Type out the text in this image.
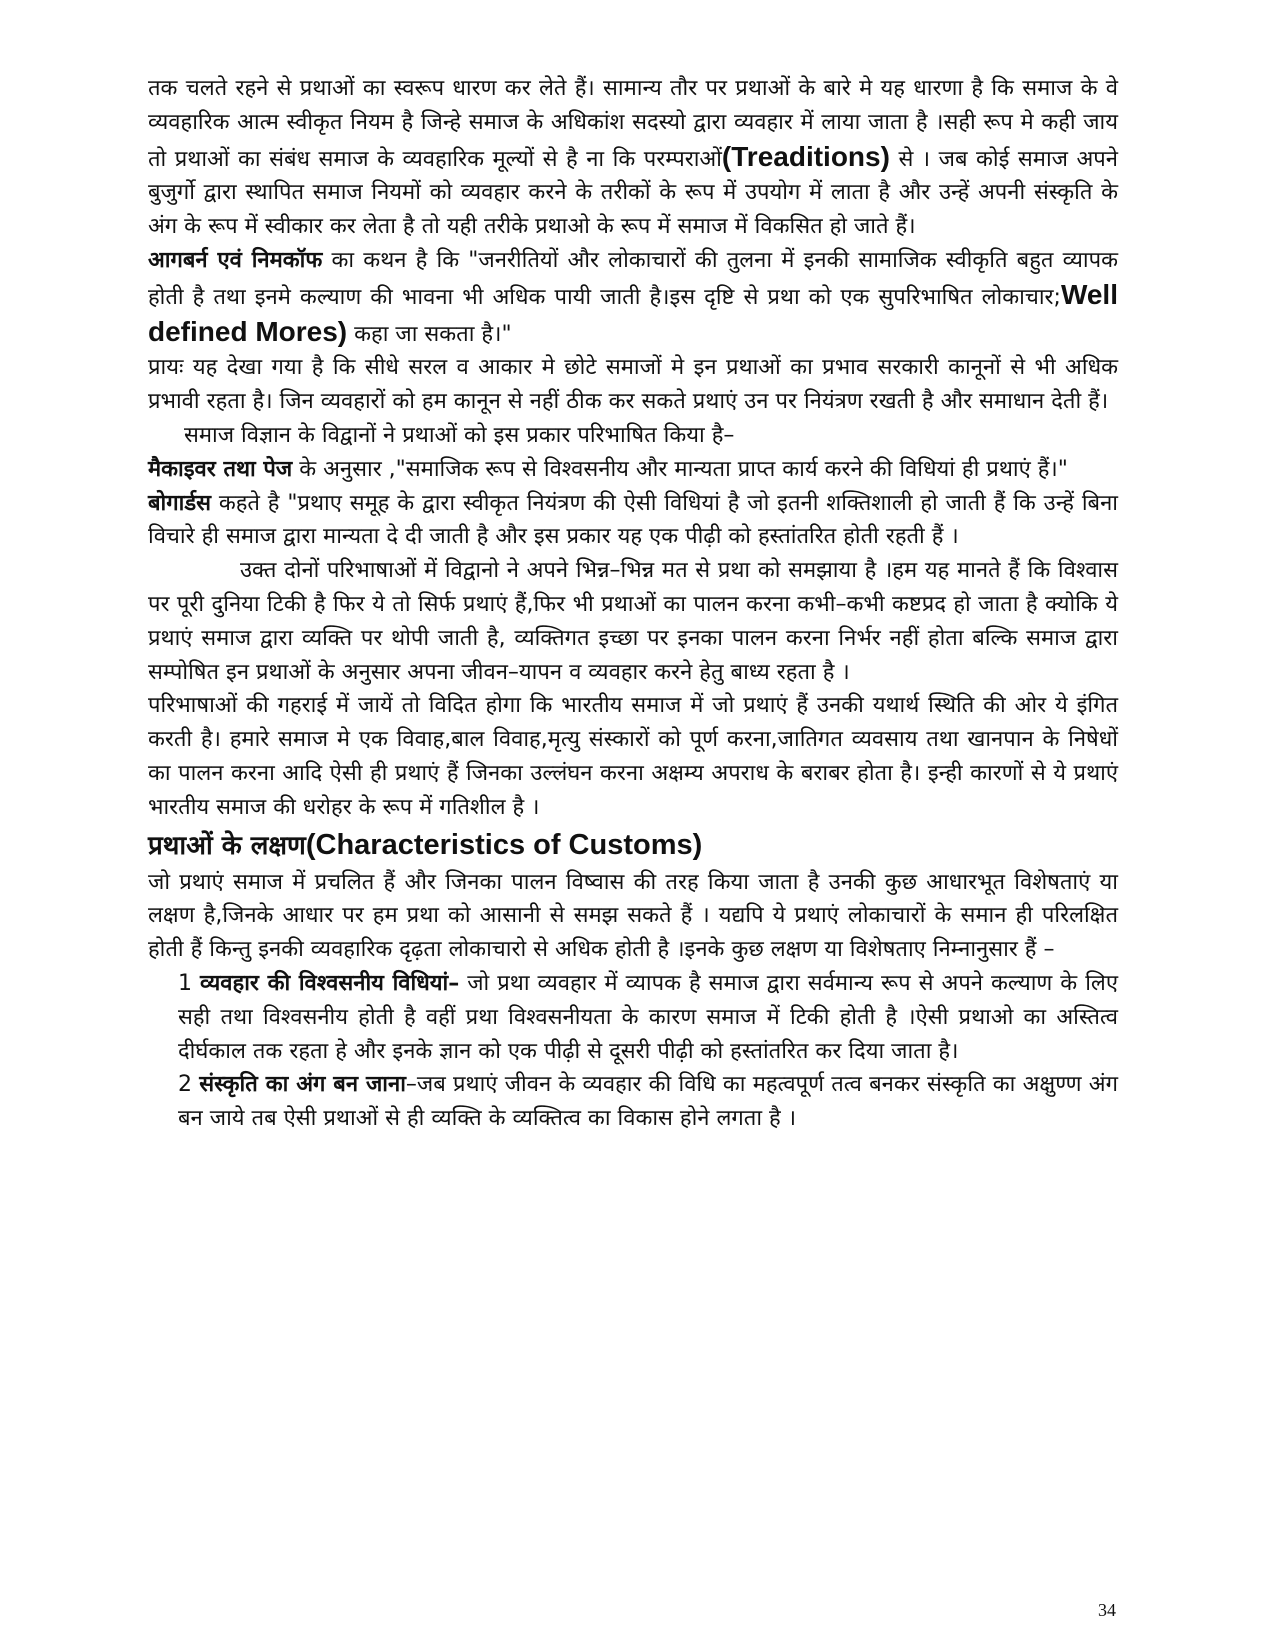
तक चलते रहने से प्रथाओं का स्वरूप धारण कर लेते हैं। सामान्य तौर पर प्रथाओं के बारे मे यह धारणा है कि समाज के वे व्यवहारिक आत्म स्वीकृत नियम है जिन्हे समाज के अधिकांश सदस्यो द्वारा व्यवहार में लाया जाता है ।सही रूप मे कही जाय तो प्रथाओं का संबंध समाज के व्यवहारिक मूल्यों से है ना कि परम्पराओं(Treaditions) से । जब कोई समाज अपने बुजुर्गो द्वारा स्थापित समाज नियमों को व्यवहार करने के तरीकों के रूप में उपयोग में लाता है और उन्हें अपनी संस्कृति के अंग के रूप में स्वीकार कर लेता है तो यही तरीके प्रथाओ के रूप में समाज में विकसित हो जाते हैं।

आगबर्न एवं निमकॉफ का कथन है कि "जनरीतियों और लोकाचारों की तुलना में इनकी सामाजिक स्वीकृति बहुत व्यापक होती है तथा इनमे कल्याण की भावना भी अधिक पायी जाती है।इस दृष्टि से प्रथा को एक सुपरिभाषित लोकाचार;Well defined Mores) कहा जा सकता है।"

प्रायः यह देखा गया है कि सीधे सरल व आकार मे छोटे समाजों मे इन प्रथाओं का प्रभाव सरकारी कानूनों से भी अधिक प्रभावी रहता है। जिन व्यवहारों को हम कानून से नहीं ठीक कर सकते प्रथाएं उन पर नियंत्रण रखती है और समाधान देती हैं।

समाज विज्ञान के विद्वानों ने प्रथाओं को इस प्रकार परिभाषित किया है–

मैकाइवर तथा पेज के अनुसार ,"समाजिक रूप से विश्वसनीय और मान्यता प्राप्त कार्य करने की विधियां ही प्रथाएं हैं।"

बोगार्डस कहते है "प्रथाए समूह के द्वारा स्वीकृत नियंत्रण की ऐसी विधियां है जो इतनी शक्तिशाली हो जाती हैं कि उन्हें बिना विचारे ही समाज द्वारा मान्यता दे दी जाती है और इस प्रकार यह एक पीढ़ी को हस्तांतरित होती रहती हैं ।

उक्त दोनों परिभाषाओं में विद्वानो ने अपने भिन्न–भिन्न मत से प्रथा को समझाया है ।हम यह मानते हैं कि विश्वास पर पूरी दुनिया टिकी है फिर ये तो सिर्फ प्रथाएं हैं,फिर भी प्रथाओं का पालन करना कभी–कभी कष्टप्रद हो जाता है क्योकि ये प्रथाएं समाज द्वारा व्यक्ति पर थोपी जाती है, व्यक्तिगत इच्छा पर इनका पालन करना निर्भर नहीं होता बल्कि समाज द्वारा सम्पोषित इन प्रथाओं के अनुसार अपना जीवन–यापन व व्यवहार करने हेतु बाध्य रहता है ।

परिभाषाओं की गहराई में जायें तो विदित होगा कि भारतीय समाज में जो प्रथाएं हैं उनकी यथार्थ स्थिति की ओर ये इंगित करती है। हमारे समाज मे एक विवाह,बाल विवाह,मृत्यु संस्कारों को पूर्ण करना,जातिगत व्यवसाय तथा खानपान के निषेधों का पालन करना आदि ऐसी ही प्रथाएं हैं जिनका उल्लंघन करना अक्षम्य अपराध के बराबर होता है। इन्ही कारणों से ये प्रथाएं भारतीय समाज की धरोहर के रूप में गतिशील है ।

प्रथाओं के लक्षण(Characteristics of Customs)

जो प्रथाएं समाज में प्रचलित हैं और जिनका पालन विष्वास की तरह किया जाता है उनकी कुछ आधारभूत विशेषताएं या लक्षण है,जिनके आधार पर हम प्रथा को आसानी से समझ सकते हैं । यद्यपि ये प्रथाएं लोकाचारों के समान ही परिलक्षित होती हैं किन्तु इनकी व्यवहारिक दृढ़ता लोकाचारो से अधिक होती है ।इनके कुछ लक्षण या विशेषताए निम्नानुसार हैं –

1 व्यवहार की विश्वसनीय विधियां– जो प्रथा व्यवहार में व्यापक है समाज द्वारा सर्वमान्य रूप से अपने कल्याण के लिए सही तथा विश्वसनीय होती है वहीं प्रथा विश्वसनीयता के कारण समाज में टिकी होती है ।ऐसी प्रथाओ का अस्तित्व दीर्घकाल तक रहता हे और इनके ज्ञान को एक पीढ़ी से दूसरी पीढ़ी को हस्तांतरित कर दिया जाता है।

2 संस्कृति का अंग बन जाना–जब प्रथाएं जीवन के व्यवहार की विधि का महत्वपूर्ण तत्व बनकर संस्कृति का अक्षुण्ण अंग बन जाये तब ऐसी प्रथाओं से ही व्यक्ति के व्यक्तित्व का विकास होने लगता है ।

34
